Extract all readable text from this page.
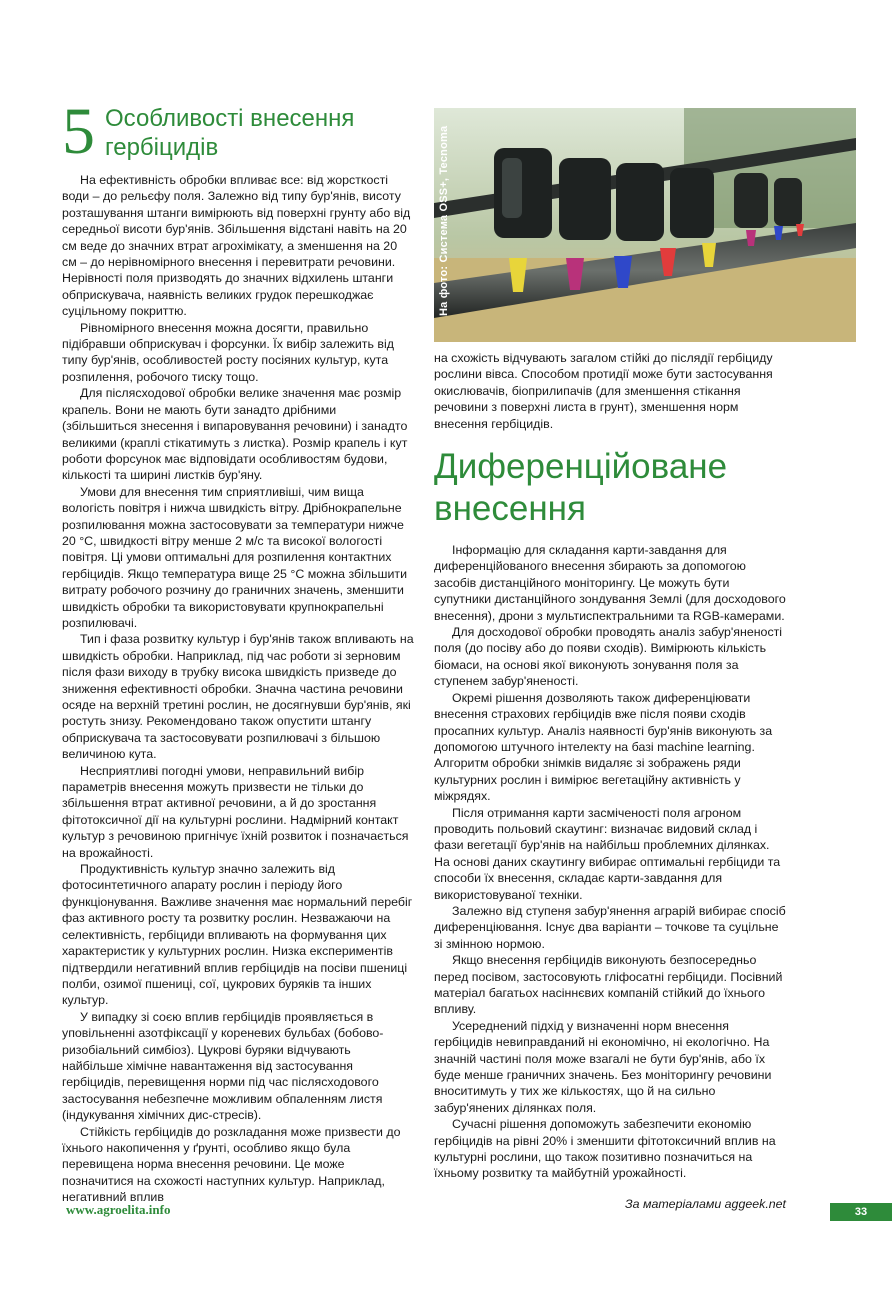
5 Особливості внесення гербіцидів

На ефективність обробки впливає все: від жорсткості води – до рельєфу поля. Залежно від типу бур'янів, висоту розташування штанги вимірюють від поверхні грунту або від середньої висоти бур'янів. Збільшення відстані навіть на 20 см веде до значних втрат агрохімікату, а зменшення на 20 см – до нерівномірного внесення і перевитрати речовини. Нерівності поля призводять до значних відхилень штанги обприскувача, наявність великих грудок перешкоджає суцільному покриттю.

Рівномірного внесення можна досягти, правильно підібравши обприскувач і форсунки. Їх вибір залежить від типу бур'янів, особливостей росту посіяних культур, кута розпилення, робочого тиску тощо.

Для післясходової обробки велике значення має розмір крапель. Вони не мають бути занадто дрібними (збільшиться знесення і випаровування речовини) і занадто великими (краплі стікатимуть з листка). Розмір крапель і кут роботи форсунок має відповідати особливостям будови, кількості та ширині листків бур'яну.

Умови для внесення тим сприятливіші, чим вища вологість повітря і нижча швидкість вітру. Дрібнокрапельне розпилювання можна застосовувати за температури нижче 20 °С, швидкості вітру менше 2 м/с та високої вологості повітря. Ці умови оптимальні для розпилення контактних гербіцидів. Якщо температура вище 25 °С можна збільшити витрату робочого розчину до граничних значень, зменшити швидкість обробки та використовувати крупнокрапельні розпилювачі.

Тип і фаза розвитку культур і бур'янів також впливають на швидкість обробки. Наприклад, під час роботи зі зерновим після фази виходу в трубку висока швидкість призведе до зниження ефективності обробки. Значна частина речовини осяде на верхній третині рослин, не досягнувши бур'янів, які ростуть знизу. Рекомендовано також опустити штангу обприскувача та застосовувати розпилювачі з більшою величиною кута.

Несприятливі погодні умови, неправильний вибір параметрів внесення можуть призвести не тільки до збільшення втрат активної речовини, а й до зростання фітотоксичної дії на культурні рослини. Надмірний контакт культур з речовиною пригнічує їхній розвиток і позначається на врожайності.

Продуктивність культур значно залежить від фотосинтетичного апарату рослин і періоду його функціонування. Важливе значення має нормальний перебіг фаз активного росту та розвитку рослин. Незважаючи на селективність, гербіциди впливають на формування цих характеристик у культурних рослин. Низка експериментів підтвердили негативний вплив гербіцидів на посіви пшениці полби, озимої пшениці, сої, цукрових буряків та інших культур.

У випадку зі соєю вплив гербіцидів проявляється в уповільненні азотфіксації у кореневих бульбах (бобово-ризобіальний симбіоз). Цукрові буряки відчувають найбільше хімічне навантаження від застосування гербіцидів, перевищення норми під час післясходового застосування небезпечне можливим обпаленням листя (індукування хімічних дис-стресів).

Стійкість гербіцидів до розкладання може призвести до їхнього накопичення у ґрунті, особливо якщо була перевищена норма внесення речовини. Це може позначитися на схожості наступних культур. Наприклад, негативний вплив

На фото: Система OSS+, Teсnoma

на схожість відчувають загалом стійкі до післядії гербіциду рослини вівса. Способом протидії може бути застосування окислювачів, біоприлипачів (для зменшення стікання речовини з поверхні листа в грунт), зменшення норм внесення гербіцидів.

Диференційоване внесення

Інформацію для складання карти-завдання для диференційованого внесення збирають за допомогою засобів дистанційного моніторингу. Це можуть бути супутники дистанційного зондування Землі (для досходового внесення), дрони з мультиспектральними та RGB-камерами.

Для досходової обробки проводять аналіз забур'яненості поля (до посіву або до появи сходів). Вимірюють кількість біомаси, на основі якої виконують зонування поля за ступенем забур'яненості.

Окремі рішення дозволяють також диференціювати внесення страхових гербіцидів вже після появи сходів просапних культур. Аналіз наявності бур'янів виконують за допомогою штучного інтелекту на базі machine learning. Алгоритм обробки знімків видаляє зі зображень ряди культурних рослин і вимірює вегетаційну активність у міжрядях.

Після отримання карти засміченості поля агроном проводить польовий скаутинг: визначає видовий склад і фази вегетації бур'янів на найбільш проблемних ділянках. На основі даних скаутингу вибирає оптимальні гербіциди та способи їх внесення, складає карти-завдання для використовуваної техніки.

Залежно від ступеня забур'янення аграрій вибирає спосіб диференціювання. Існує два варіанти – точкове та суцільне зі змінною нормою.

Якщо внесення гербіцидів виконують безпосередньо перед посівом, застосовують гліфосатні гербіциди. Посівний матеріал багатьох насіннєвих компаній стійкий до їхнього впливу.

Усереднений підхід у визначенні норм внесення гербіцидів невиправданий ні економічно, ні екологічно. На значній частині поля може взагалі не бути бур'янів, або їх буде менше граничних значень. Без моніторингу речовини вноситимуть у тих же кількостях, що й на сильно забур'янених ділянках поля.

Сучасні рішення допоможуть забезпечити економію гербіцидів на рівні 20% і зменшити фітотоксичний вплив на культурні рослини, що також позитивно позначиться на їхньому розвитку та майбутній урожайності.

За матеріалами aggeek.net

www.agroelita.info	33
